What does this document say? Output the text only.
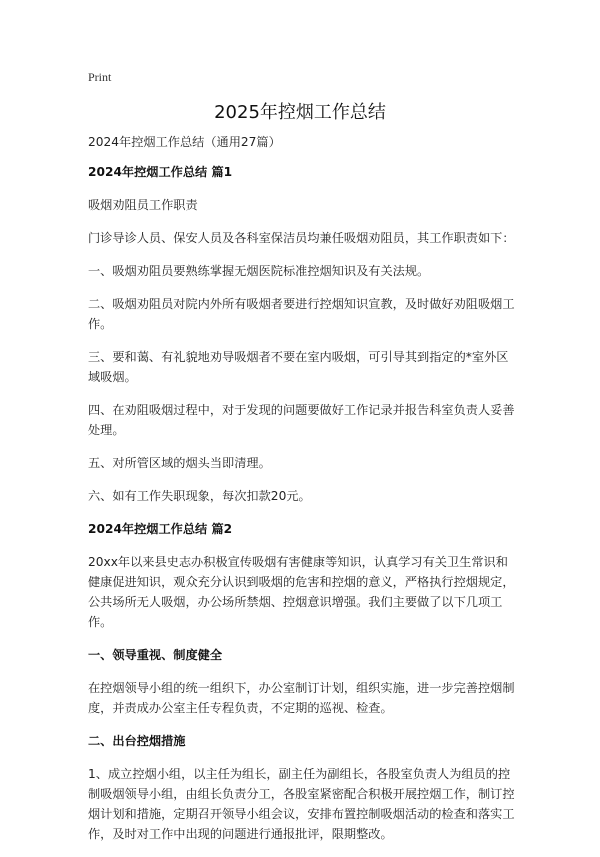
Print
2025年控烟工作总结
2024年控烟工作总结（通用27篇）
2024年控烟工作总结 篇1
吸烟劝阻员工作职责
门诊导诊人员、保安人员及各科室保洁员均兼任吸烟劝阻员，其工作职责如下：
一、吸烟劝阻员要熟练掌握无烟医院标准控烟知识及有关法规。
二、吸烟劝阻员对院内外所有吸烟者要进行控烟知识宣教，及时做好劝阻吸烟工作。
三、要和蔼、有礼貌地劝导吸烟者不要在室内吸烟，可引导其到指定的*室外区域吸烟。
四、在劝阻吸烟过程中，对于发现的问题要做好工作记录并报告科室负责人妥善处理。
五、对所管区域的烟头当即清理。
六、如有工作失职现象，每次扣款20元。
2024年控烟工作总结 篇2
20xx年以来县史志办积极宣传吸烟有害健康等知识，认真学习有关卫生常识和健康促进知识，观众充分认识到吸烟的危害和控烟的意义，严格执行控烟规定，公共场所无人吸烟，办公场所禁烟、控烟意识增强。我们主要做了以下几项工作。
一、领导重视、制度健全
在控烟领导小组的统一组织下，办公室制订计划，组织实施，进一步完善控烟制度，并责成办公室主任专程负责，不定期的巡视、检查。
二、出台控烟措施
1、成立控烟小组，以主任为组长，副主任为副组长，各股室负责人为组员的控制吸烟领导小组，由组长负责分工，各股室紧密配合积极开展控烟工作，制订控烟计划和措施，定期召开领导小组会议，安排布置控制吸烟活动的检查和落实工作，及时对工作中出现的问题进行通报批评，限期整改。
